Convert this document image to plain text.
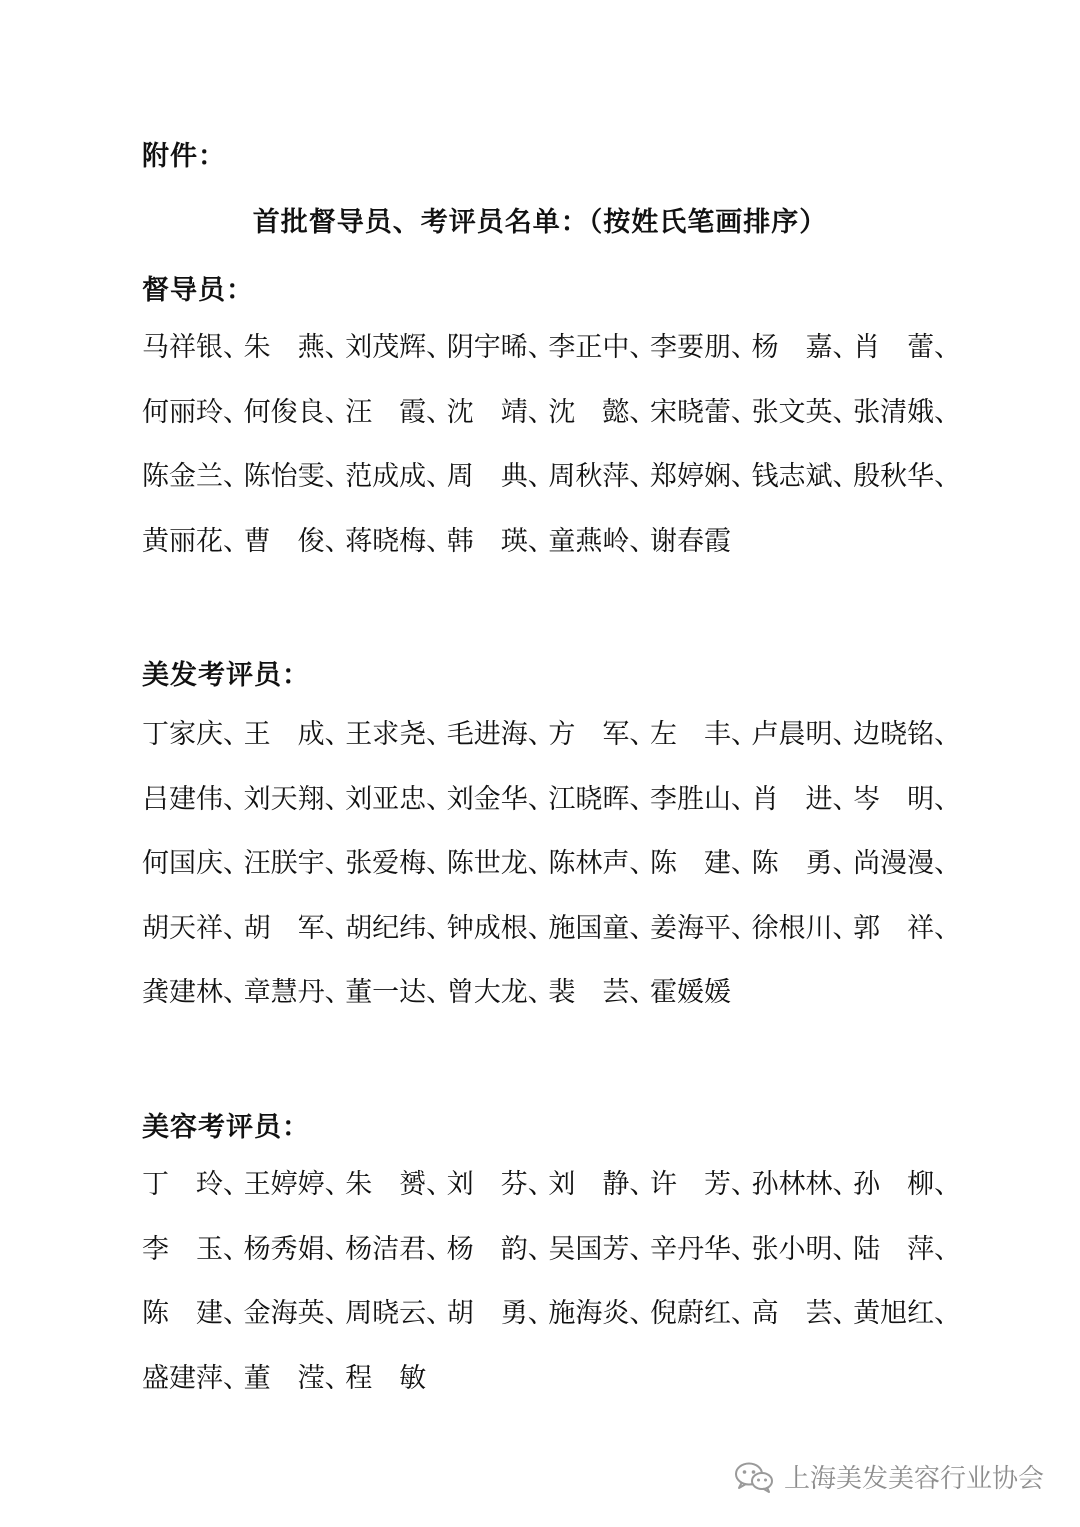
附件：
首批督导员、考评员名单：（按姓氏笔画排序）
督导员：
马祥银、
朱　燕、
刘茂辉、
阴宇晞、
李正中、
李要朋、
杨　嘉、
肖　蕾、
何丽玲、
何俊良、
汪　霞、
沈　靖、
沈　懿、
宋晓蕾、
张文英、
张清娥、
陈金兰、
陈怡雯、
范成成、
周　典、
周秋萍、
郑婷娴、
钱志斌、
殷秋华、
黄丽花、
曹　俊、
蒋晓梅、
韩　瑛、
童燕岭、
谢春霞
美发考评员：
丁家庆、
王　成、
王求尧、
毛进海、
方　军、
左　丰、
卢晨明、
边晓铭、
吕建伟、
刘天翔、
刘亚忠、
刘金华、
江晓晖、
李胜山、
肖　进、
岑　明、
何国庆、
汪朕宇、
张爱梅、
陈世龙、
陈林声、
陈　建、
陈　勇、
尚漫漫、
胡天祥、
胡　军、
胡纪纬、
钟成根、
施国童、
姜海平、
徐根川、
郭　祥、
龚建林、
章慧丹、
董一达、
曾大龙、
裴　芸、
霍媛媛
美容考评员：
丁　玲、
王婷婷、
朱　赟、
刘　芬、
刘　静、
许　芳、
孙林林、
孙　柳、
李　玉、
杨秀娟、
杨洁君、
杨　韵、
吴国芳、
辛丹华、
张小明、
陆　萍、
陈　建、
金海英、
周晓云、
胡　勇、
施海炎、
倪蔚红、
高　芸、
黄旭红、
盛建萍、
董　滢、
程　敏
上海美发美容行业协会
